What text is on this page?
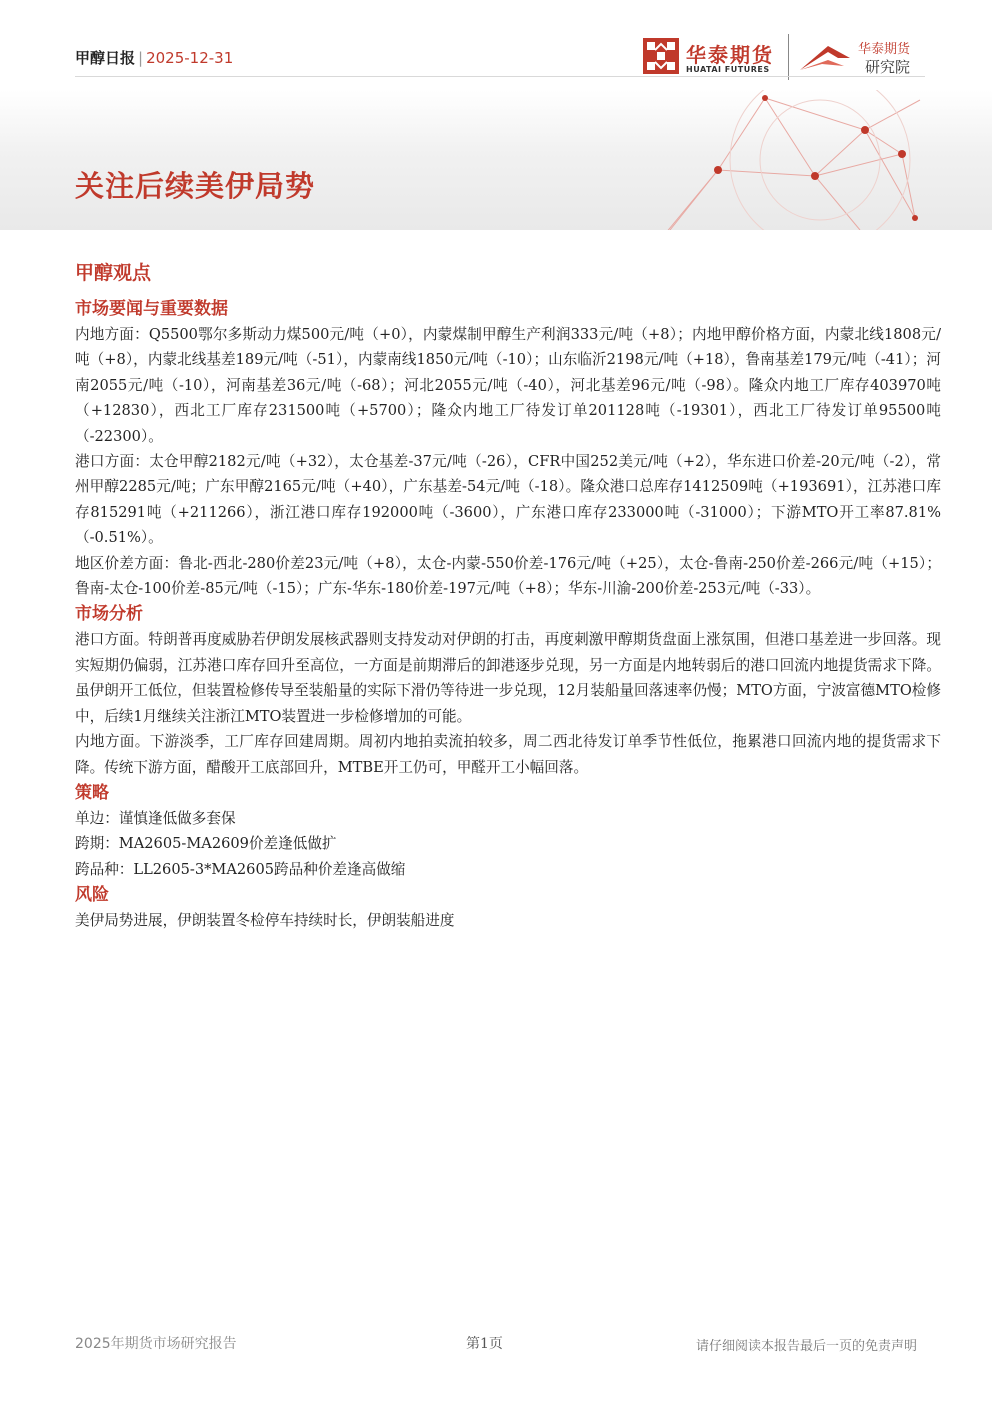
甲醇日报 | 2025-12-31	华泰期货
HUATAI FUTURES
华泰期货
研究院
关注后续美伊局势
甲醇观点
市场要闻与重要数据

内地方面：Q5500鄂尔多斯动力煤500元/吨（+0），内蒙煤制甲醇生产利润333元/吨（+8）；内地甲醇价格方面，内蒙北线1808元/吨（+8），内蒙北线基差189元/吨（-51），内蒙南线1850元/吨（-10）；山东临沂2198元/吨（+18），鲁南基差179元/吨（-41）；河南2055元/吨（-10），河南基差36元/吨（-68）；河北2055元/吨（-40），河北基差96元/吨（-98）。隆众内地工厂库存403970吨（+12830），西北工厂库存231500吨（+5700）；隆众内地工厂待发订单201128吨（-19301），西北工厂待发订单95500吨（-22300）。

港口方面：太仓甲醇2182元/吨（+32），太仓基差-37元/吨（-26），CFR中国252美元/吨（+2），华东进口价差-20元/吨（-2），常州甲醇2285元/吨；广东甲醇2165元/吨（+40），广东基差-54元/吨（-18）。隆众港口总库存1412509吨（+193691），江苏港口库存815291吨（+211266），浙江港口库存192000吨（-3600），广东港口库存233000吨（-31000）；下游MTO开工率87.81%（-0.51%）。

地区价差方面：鲁北-西北-280价差23元/吨（+8），太仓-内蒙-550价差-176元/吨（+25），太仓-鲁南-250价差-266元/吨（+15）；鲁南-太仓-100价差-85元/吨（-15）；广东-华东-180价差-197元/吨（+8）；华东-川渝-200价差-253元/吨（-33）。

市场分析

港口方面。特朗普再度威胁若伊朗发展核武器则支持发动对伊朗的打击，再度刺激甲醇期货盘面上涨氛围，但港口基差进一步回落。现实短期仍偏弱，江苏港口库存回升至高位，一方面是前期滞后的卸港逐步兑现，另一方面是内地转弱后的港口回流内地提货需求下降。虽伊朗开工低位，但装置检修传导至装船量的实际下滑仍等待进一步兑现，12月装船量回落速率仍慢；MTO方面，宁波富德MTO检修中，后续1月继续关注浙江MTO装置进一步检修增加的可能。

内地方面。下游淡季，工厂库存回建周期。周初内地拍卖流拍较多，周二西北待发订单季节性低位，拖累港口回流内地的提货需求下降。传统下游方面，醋酸开工底部回升，MTBE开工仍可，甲醛开工小幅回落。

策略

单边：谨慎逢低做多套保

跨期：MA2605-MA2609价差逢低做扩

跨品种：LL2605-3*MA2605跨品种价差逢高做缩

风险

美伊局势进展，伊朗装置冬检停车持续时长，伊朗装船进度

2025年期货市场研究报告	第1页	请仔细阅读本报告最后一页的免责声明
